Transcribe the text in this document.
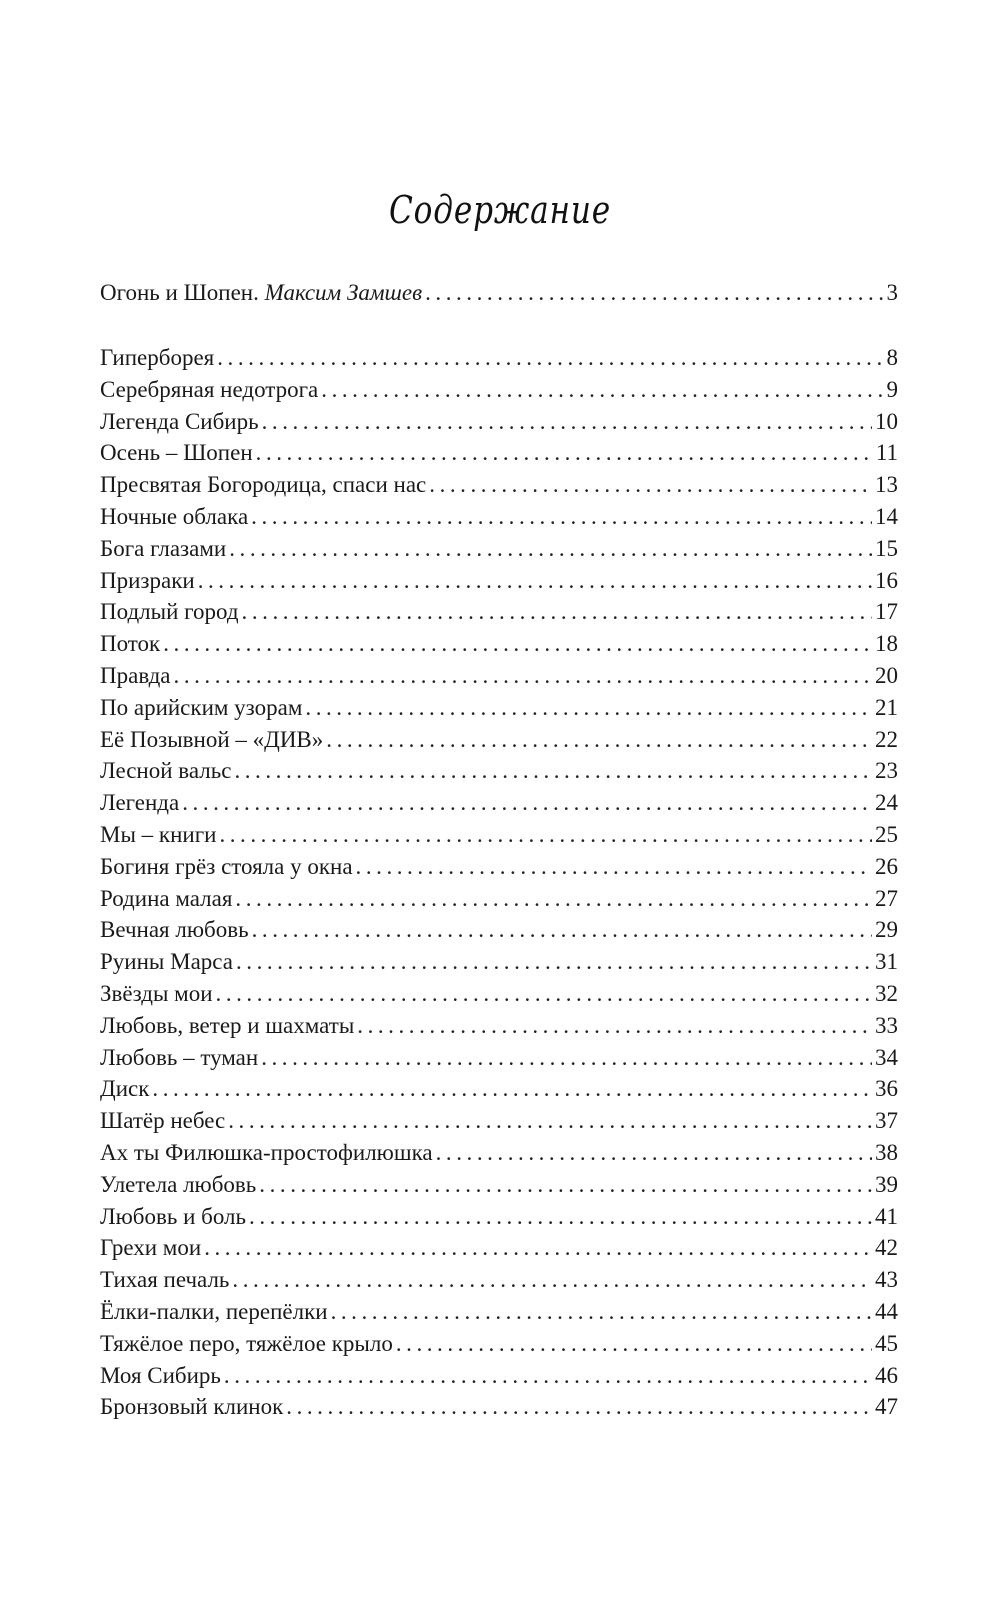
Содержание
Огонь и Шопен. Максим Замшев . . .	3
Гиперборея . . .	8
Серебряная недотрога . . .	9
Легенда Сибирь . . .	10
Осень – Шопен . . .	11
Пресвятая Богородица, спаси нас . . .	13
Ночные облака . . .	14
Бога глазами . . .	15
Призраки . . .	16
Подлый город . . .	17
Поток . . .	18
Правда . . .	20
По арийским узорам . . .	21
Её Позывной – «ДИВ» . . .	22
Лесной вальс . . .	23
Легенда . . .	24
Мы – книги . . .	25
Богиня грёз стояла у окна . . .	26
Родина малая . . .	27
Вечная любовь . . .	29
Руины Марса . . .	31
Звёзды мои . . .	32
Любовь, ветер и шахматы . . .	33
Любовь – туман . . .	34
Диск . . .	36
Шатёр небес . . .	37
Ах ты Филюшка-простофилюшка . . .	38
Улетела любовь . . .	39
Любовь и боль . . .	41
Грехи мои . . .	42
Тихая печаль . . .	43
Ёлки-палки, перепёлки . . .	44
Тяжёлое перо, тяжёлое крыло . . .	45
Моя Сибирь . . .	46
Бронзовый клинок . . .	47
